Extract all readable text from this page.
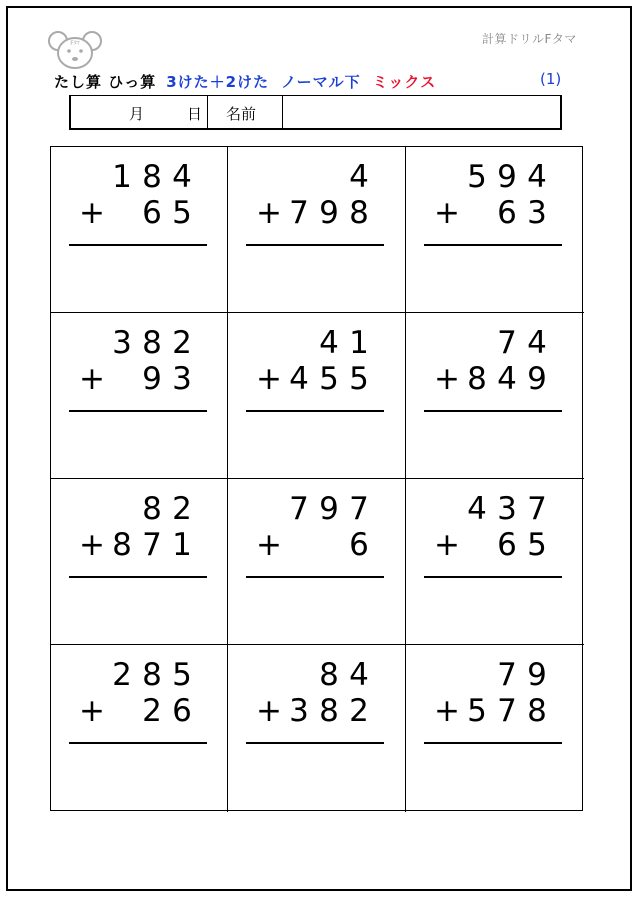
Fﾀﾏ	計算ドリルFタマ
たし算 ひっ算 3けた＋2けた ノーマル下 ミックス	(1)
月	日 名前
1 8 4
+ 6 5
4
+ 7 9 8
5 9 4
+ 6 3
3 8 2
+ 9 3
4 1
+ 4 5 5
7 4
+ 8 4 9
8 2
+ 8 7 1
7 9 7
+ 6
4 3 7
+ 6 5
2 8 5
+ 2 6
8 4
+ 3 8 2
7 9
+ 5 7 8
